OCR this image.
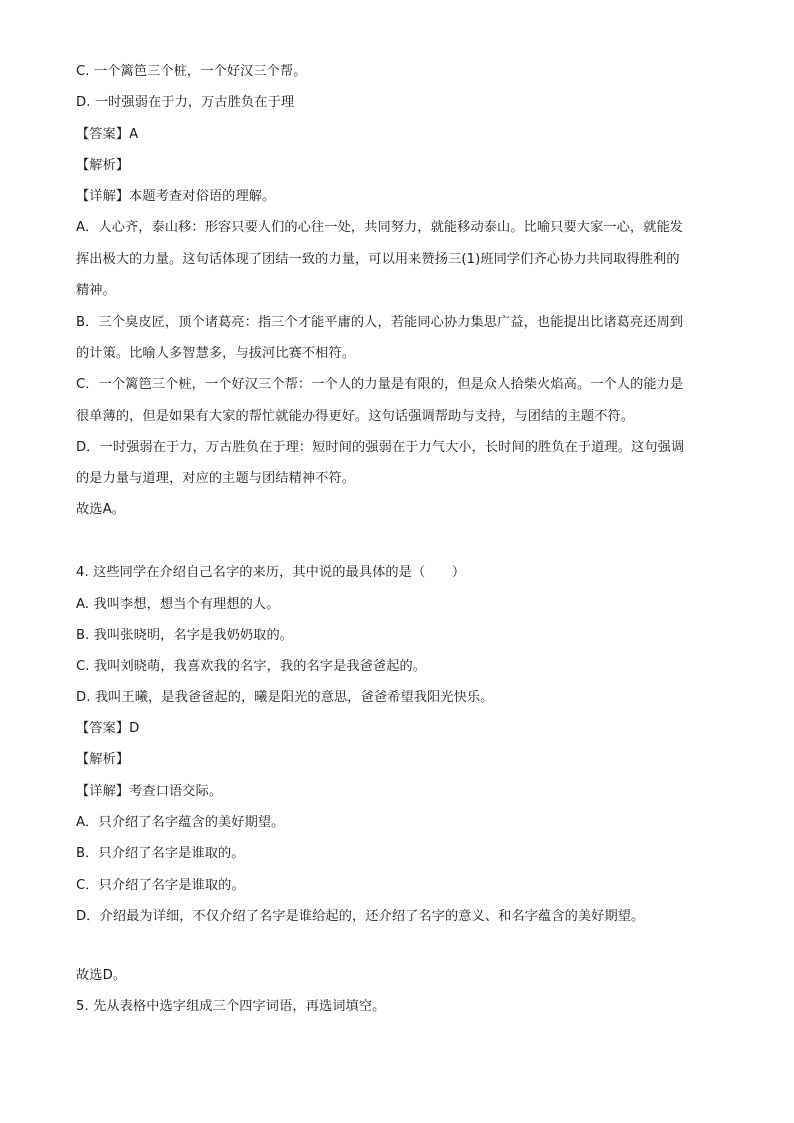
C. 一个篱笆三个桩，一个好汉三个帮。
D. 一时强弱在于力，万古胜负在于理
【答案】A
【解析】
【详解】本题考查对俗语的理解。
A．人心齐，泰山移：形容只要人们的心往一处，共同努力，就能移动泰山。比喻只要大家一心，就能发
挥出极大的力量。这句话体现了团结一致的力量，可以用来赞扬三(1)班同学们齐心协力共同取得胜利的
精神。
B．三个臭皮匠，顶个诸葛亮：指三个才能平庸的人，若能同心协力集思广益，也能提出比诸葛亮还周到
的计策。比喻人多智慧多，与拔河比赛不相符。
C．一个篱笆三个桩，一个好汉三个帮：一个人的力量是有限的，但是众人拾柴火焰高。一个人的能力是
很单薄的，但是如果有大家的帮忙就能办得更好。这句话强调帮助与支持，与团结的主题不符。
D．一时强弱在于力，万古胜负在于理：短时间的强弱在于力气大小，长时间的胜负在于道理。这句强调
的是力量与道理，对应的主题与团结精神不符。
故选A。
4. 这些同学在介绍自己名字的来历，其中说的最具体的是（　　）
A. 我叫李想，想当个有理想的人。
B. 我叫张晓明，名字是我奶奶取的。
C. 我叫刘晓萌，我喜欢我的名字，我的名字是我爸爸起的。
D. 我叫王曦，是我爸爸起的，曦是阳光的意思，爸爸希望我阳光快乐。
【答案】D
【解析】
【详解】考查口语交际。
A．只介绍了名字蕴含的美好期望。
B．只介绍了名字是谁取的。
C．只介绍了名字是谁取的。
D．介绍最为详细，不仅介绍了名字是谁给起的，还介绍了名字的意义、和名字蕴含的美好期望。
故选D。
5. 先从表格中选字组成三个四字词语，再选词填空。
